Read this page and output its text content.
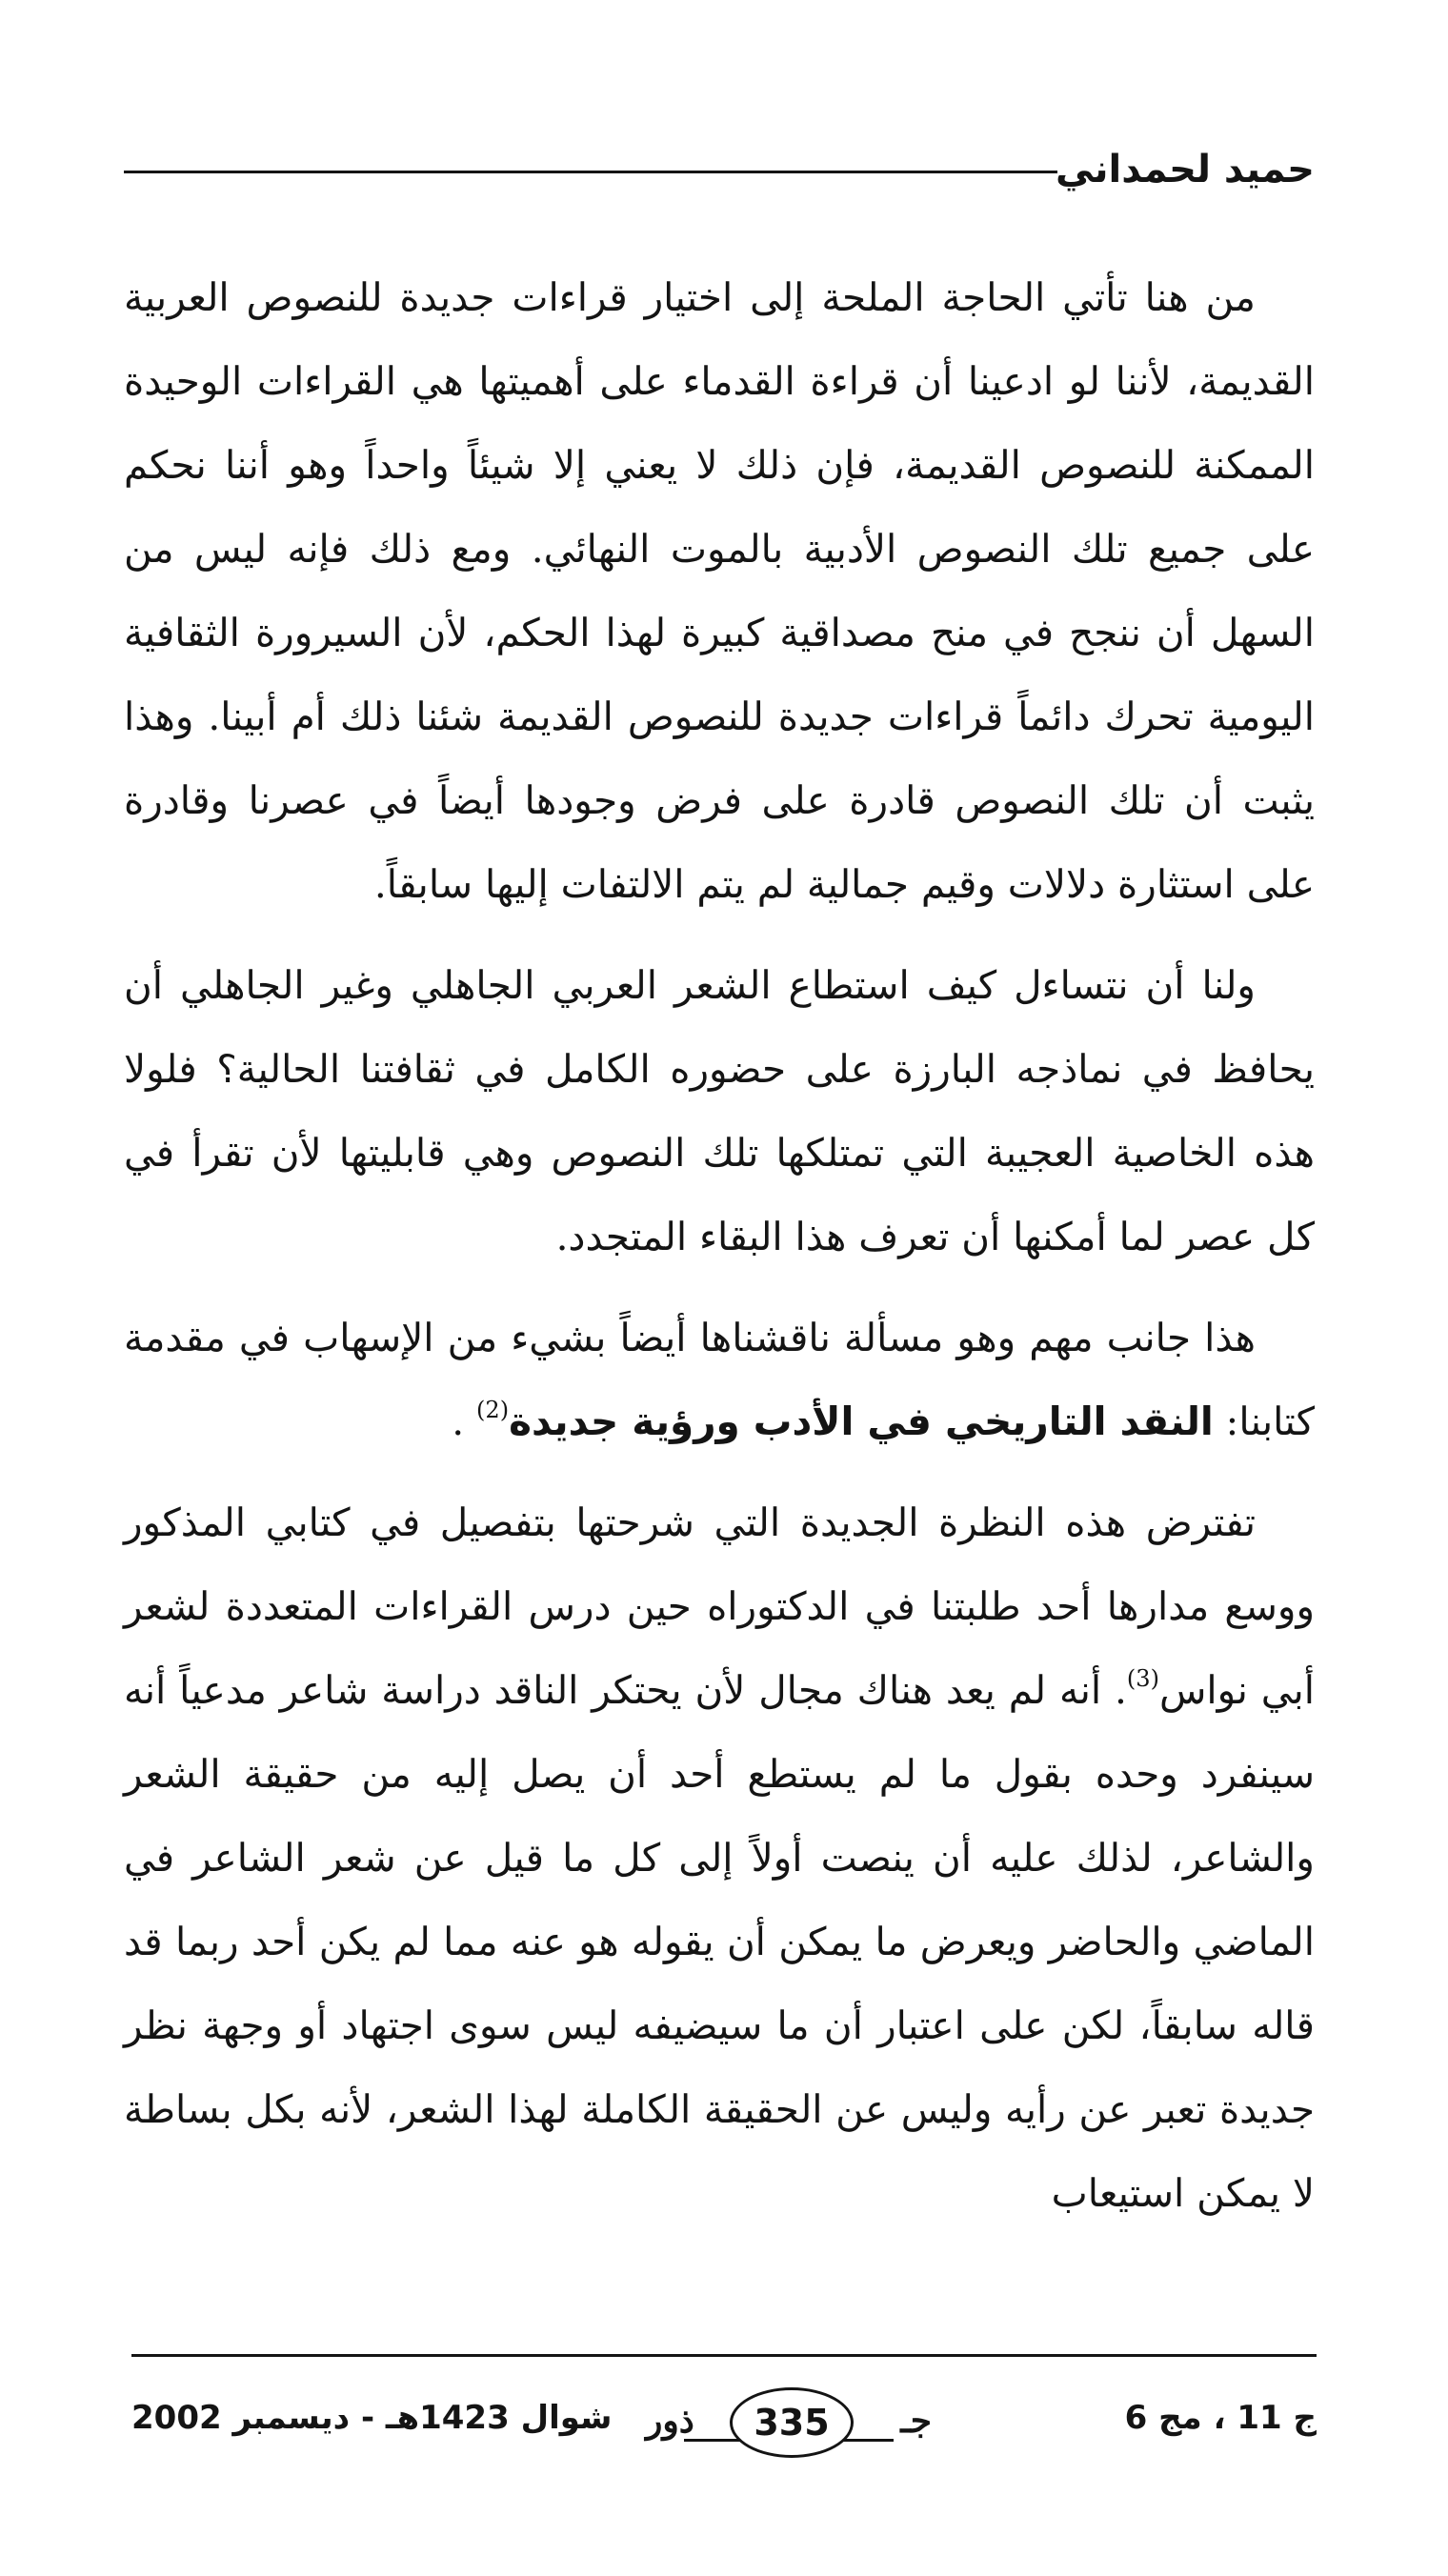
حميد لحمداني

من هنا تأتي الحاجة الملحة إلى اختيار قراءات جديدة للنصوص العربية القديمة، لأننا لو ادعينا أن قراءة القدماء على أهميتها هي القراءات الوحيدة الممكنة للنصوص القديمة، فإن ذلك لا يعني إلا شيئاً واحداً وهو أننا نحكم على جميع تلك النصوص الأدبية بالموت النهائي. ومع ذلك فإنه ليس من السهل أن ننجح في منح مصداقية كبيرة لهذا الحكم، لأن السيرورة الثقافية اليومية تحرك دائماً قراءات جديدة للنصوص القديمة شئنا ذلك أم أبينا. وهذا يثبت أن تلك النصوص قادرة على فرض وجودها أيضاً في عصرنا وقادرة على استثارة دلالات وقيم جمالية لم يتم الالتفات إليها سابقاً.

ولنا أن نتساءل كيف استطاع الشعر العربي الجاهلي وغير الجاهلي أن يحافظ في نماذجه البارزة على حضوره الكامل في ثقافتنا الحالية؟ فلولا هذه الخاصية العجيبة التي تمتلكها تلك النصوص وهي قابليتها لأن تقرأ في كل عصر لما أمكنها أن تعرف هذا البقاء المتجدد.

هذا جانب مهم وهو مسألة ناقشناها أيضاً بشيء من الإسهاب في مقدمة كتابنا: النقد التاريخي في الأدب ورؤية جديدة$^{(2)}$ .

تفترض هذه النظرة الجديدة التي شرحتها بتفصيل في كتابي المذكور ووسع مدارها أحد طلبتنا في الدكتوراه حين درس القراءات المتعددة لشعر أبي نواس$^{(3)}$. أنه لم يعد هناك مجال لأن يحتكر الناقد دراسة شاعر مدعياً أنه سينفرد وحده بقول ما لم يستطع أحد أن يصل إليه من حقيقة الشعر والشاعر، لذلك عليه أن ينصت أولاً إلى كل ما قيل عن شعر الشاعر في الماضي والحاضر ويعرض ما يمكن أن يقوله هو عنه مما لم يكن أحد ربما قد قاله سابقاً، لكن على اعتبار أن ما سيضيفه ليس سوى اجتهاد أو وجهة نظر جديدة تعبر عن رأيه وليس عن الحقيقة الكاملة لهذا الشعر، لأنه بكل بساطة لا يمكن استيعاب

ج 11 ، مج 6
جـ
ذور	335
شوال 1423هـ - ديسمبر 2002
